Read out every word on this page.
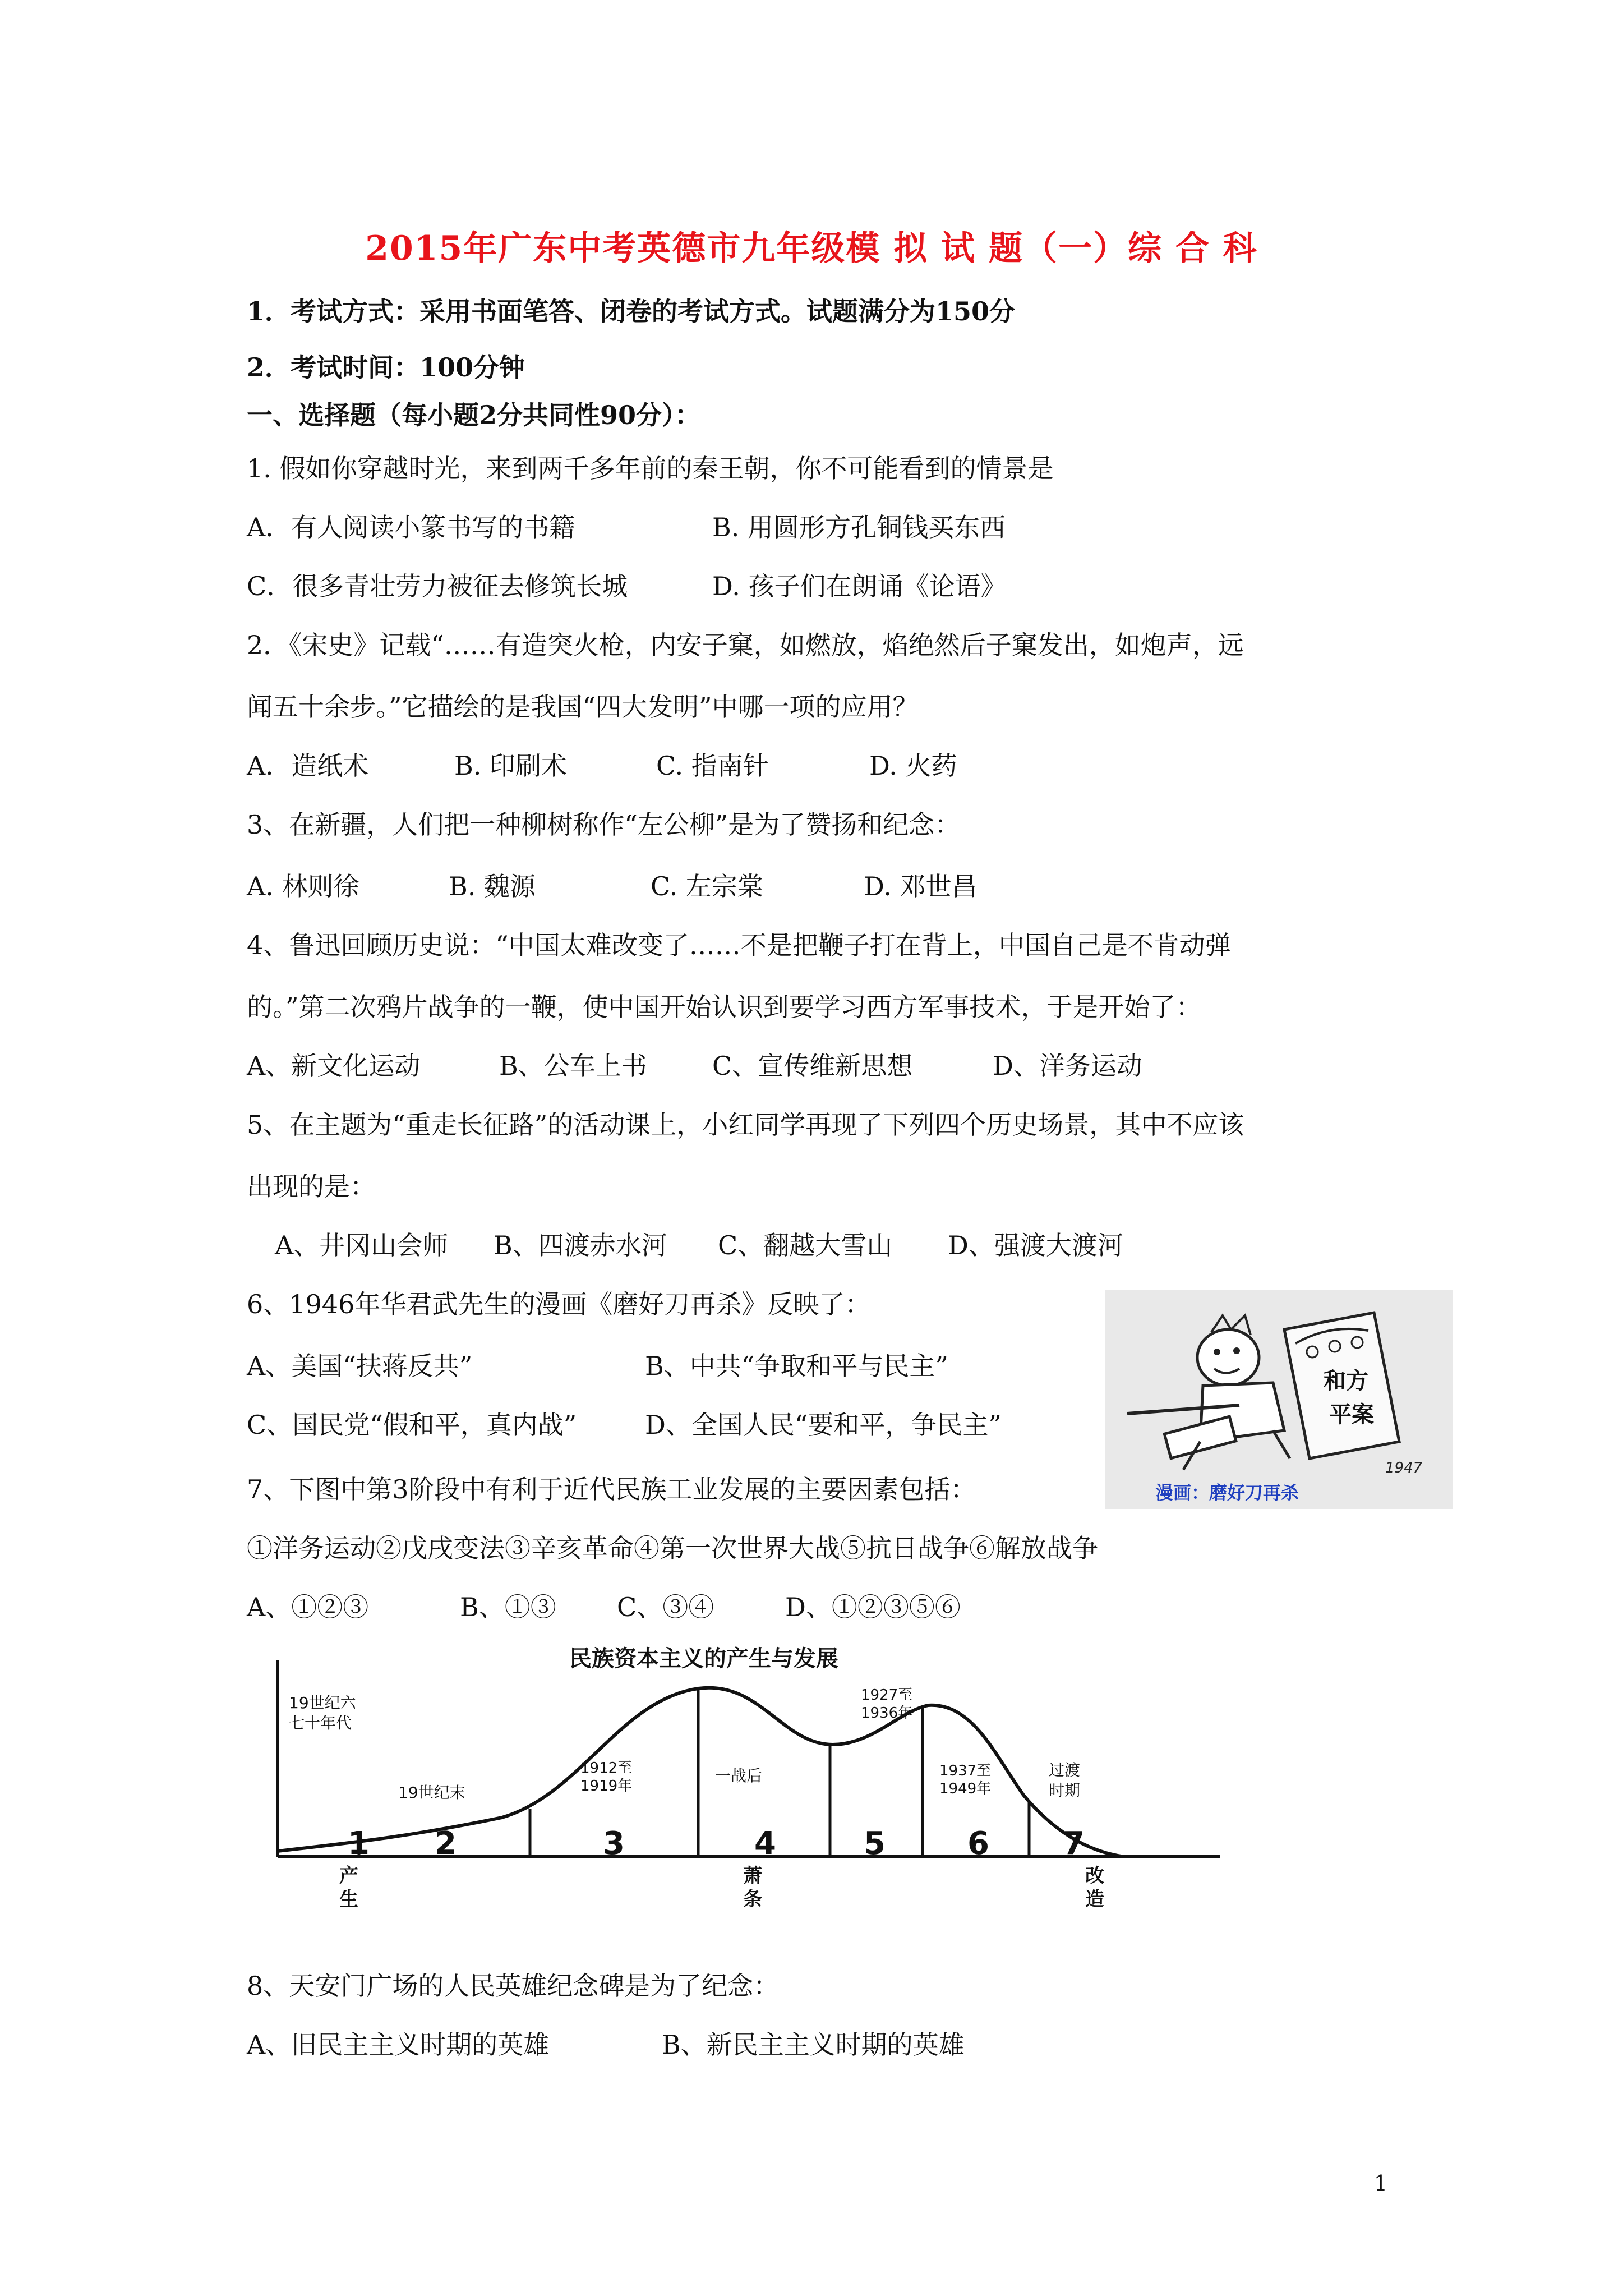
2015年广东中考英德市九年级模 拟 试 题（一）综 合 科
1．考试方式：采用书面笔答、闭卷的考试方式。试题满分为150分
2．考试时间：100分钟
一、选择题（每小题2分共同性90分）：
1. 假如你穿越时光，来到两千多年前的秦王朝，你不可能看到的情景是
A．有人阅读小篆书写的书籍	B. 用圆形方孔铜钱买东西
C．很多青壮劳力被征去修筑长城	D. 孩子们在朗诵《论语》
2．《宋史》记载“……有造突火枪，内安子窠，如燃放，焰绝然后子窠发出，如炮声，远
闻五十余步。”它描绘的是我国“四大发明”中哪一项的应用？
A．造纸术	B. 印刷术	C. 指南针	D. 火药
3、在新疆，人们把一种柳树称作“左公柳”是为了赞扬和纪念：
A. 林则徐	B. 魏源	C. 左宗棠	D. 邓世昌
4、鲁迅回顾历史说：“中国太难改变了……不是把鞭子打在背上，中国自己是不肯动弹
的。”第二次鸦片战争的一鞭，使中国开始认识到要学习西方军事技术，于是开始了：
A、新文化运动	B、公车上书	C、宣传维新思想	D、洋务运动
5、在主题为“重走长征路”的活动课上，小红同学再现了下列四个历史场景，其中不应该
出现的是：
A、井冈山会师 B、四渡赤水河 C、翻越大雪山 D、强渡大渡河
6、1946年华君武先生的漫画《磨好刀再杀》反映了：
A、美国“扶蒋反共”	B、中共“争取和平与民主”
C、国民党“假和平，真内战”	D、全国人民“要和平，争民主”
和方
平案
1947
漫画：磨好刀再杀
7、下图中第3阶段中有利于近代民族工业发展的主要因素包括：
①洋务运动②戊戌变法③辛亥革命④第一次世界大战⑤抗日战争⑥解放战争
A、①②③	B、①③ C、③④	D、①②③⑤⑥
民族资本主义的产生与发展
1 2	3	4	5	6 7
19世纪六七十年代
19世纪末
1912至 1919年
一战后
1927至 1936年
1937至 1949年
过渡时期
产生
萧条
改造
8、天安门广场的人民英雄纪念碑是为了纪念：
A、旧民主主义时期的英雄	B、新民主主义时期的英雄
1
